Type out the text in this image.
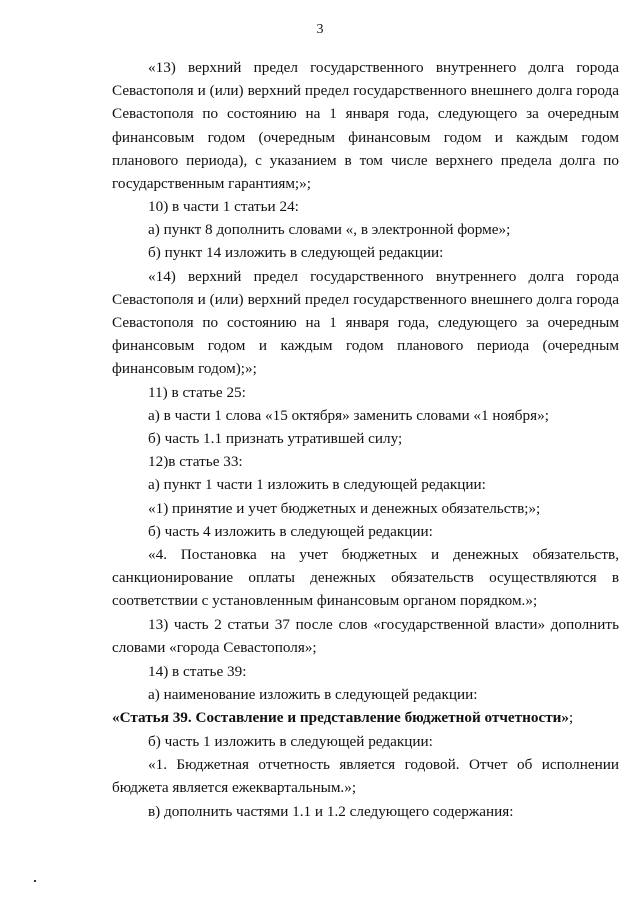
3

«13) верхний предел государственного внутреннего долга города Севастополя и (или) верхний предел государственного внешнего долга города Севастополя по состоянию на 1 января года, следующего за очередным финансовым годом (очередным финансовым годом и каждым годом планового периода), с указанием в том числе верхнего предела долга по государственным гарантиям;»;

10) в части 1 статьи 24:

а) пункт 8 дополнить словами «, в электронной форме»;

б) пункт 14 изложить в следующей редакции:

«14) верхний предел государственного внутреннего долга города Севастополя и (или) верхний предел государственного внешнего долга города Севастополя по состоянию на 1 января года, следующего за очередным финансовым годом и каждым годом планового периода (очередным финансовым годом);»;

11) в статье 25:

а) в части 1 слова «15 октября» заменить словами «1 ноября»;

б) часть 1.1 признать утратившей силу;

12)в статье 33:

а) пункт 1 части 1 изложить в следующей редакции:

«1) принятие и учет бюджетных и денежных обязательств;»;

б) часть 4 изложить в следующей редакции:

«4. Постановка на учет бюджетных и денежных обязательств, санкционирование оплаты денежных обязательств осуществляются в соответствии с установленным финансовым органом порядком.»;

13) часть 2 статьи 37 после слов «государственной власти» дополнить словами «города Севастополя»;

14) в статье 39:

а) наименование изложить в следующей редакции:

«Статья 39. Составление и представление бюджетной отчетности»;

б) часть 1 изложить в следующей редакции:

«1. Бюджетная отчетность является годовой. Отчет об исполнении бюджета является ежеквартальным.»;

в) дополнить частями 1.1 и 1.2 следующего содержания:
